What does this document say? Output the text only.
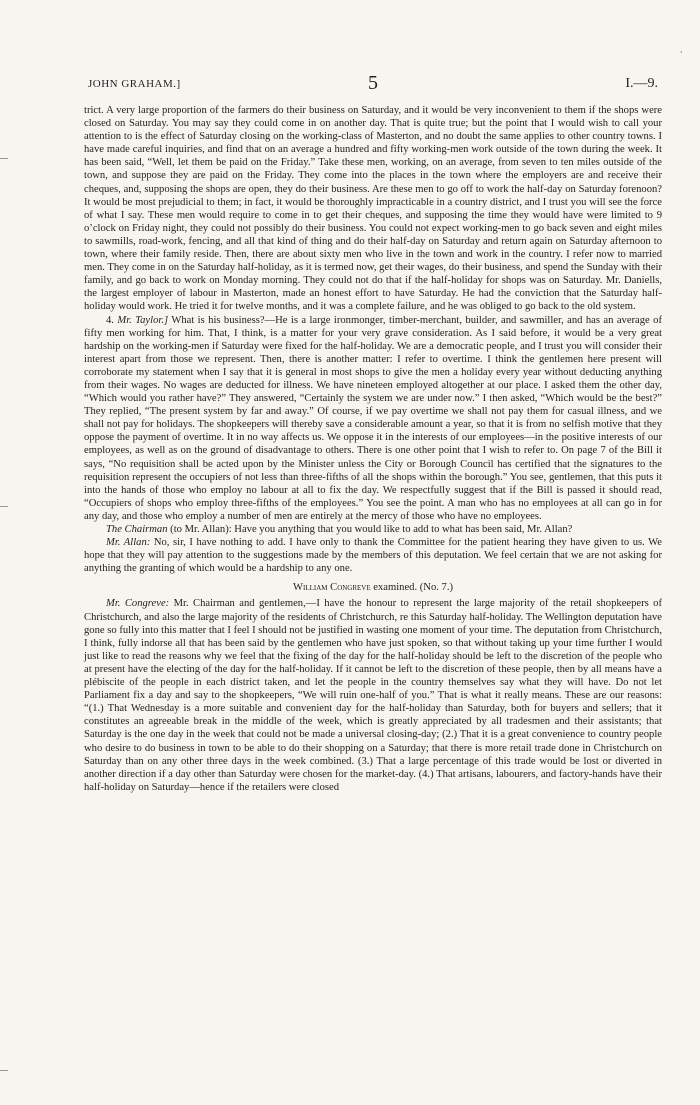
JOHN GRAHAM.]	5	I.—9.
'

trict. A very large proportion of the farmers do their business on Saturday, and it would be very inconvenient to them if the shops were closed on Saturday. You may say they could come in on another day. That is quite true; but the point that I would wish to call your attention to is the effect of Saturday closing on the working-class of Masterton, and no doubt the same applies to other country towns. I have made careful inquiries, and find that on an average a hundred and fifty working-men work outside of the town during the week. It has been said, “Well, let them be paid on the Friday.” Take these men, working, on an average, from seven to ten miles outside of the town, and suppose they are paid on the Friday. They come into the places in the town where the employers are and receive their cheques, and, supposing the shops are open, they do their business. Are these men to go off to work the half-day on Saturday forenoon? It would be most prejudicial to them; in fact, it would be thoroughly impracticable in a country district, and I trust you will see the force of what I say. These men would require to come in to get their cheques, and supposing the time they would have were limited to 9 o’clock on Friday night, they could not possibly do their business. You could not expect working-men to go back seven and eight miles to sawmills, road-work, fencing, and all that kind of thing and do their half-day on Saturday and return again on Saturday afternoon to town, where their family reside. Then, there are about sixty men who live in the town and work in the country. I refer now to married men. They come in on the Saturday half-holiday, as it is termed now, get their wages, do their business, and spend the Sunday with their family, and go back to work on Monday morning. They could not do that if the half-holiday for shops was on Saturday. Mr. Daniells, the largest employer of labour in Masterton, made an honest effort to have Saturday. He had the conviction that the Saturday half-holiday would work. He tried it for twelve months, and it was a complete failure, and he was obliged to go back to the old system.

4. Mr. Taylor.] What is his business?—He is a large ironmonger, timber-merchant, builder, and sawmiller, and has an average of fifty men working for him. That, I think, is a matter for your very grave consideration. As I said before, it would be a very great hardship on the working-men if Saturday were fixed for the half-holiday. We are a democratic people, and I trust you will consider their interest apart from those we represent. Then, there is another matter: I refer to overtime. I think the gentlemen here present will corroborate my statement when I say that it is general in most shops to give the men a holiday every year without deducting anything from their wages. No wages are deducted for illness. We have nineteen employed altogether at our place. I asked them the other day, “Which would you rather have?” They answered, “Certainly the system we are under now.” I then asked, “Which would be the best?” They replied, “The present system by far and away.” Of course, if we pay overtime we shall not pay them for casual illness, and we shall not pay for holidays. The shopkeepers will thereby save a considerable amount a year, so that it is from no selfish motive that they oppose the payment of overtime. It in no way affects us. We oppose it in the interests of our employees—in the positive interests of our employees, as well as on the ground of disadvantage to others. There is one other point that I wish to refer to. On page 7 of the Bill it says, “No requisition shall be acted upon by the Minister unless the City or Borough Council has certified that the signatures to the requisition represent the occupiers of not less than three-fifths of all the shops within the borough.” You see, gentlemen, that this puts it into the hands of those who employ no labour at all to fix the day. We respectfully suggest that if the Bill is passed it should read, “Occupiers of shops who employ three-fifths of the employees.” You see the point. A man who has no employees at all can go in for any day, and those who employ a number of men are entirely at the mercy of those who have no employees.

The Chairman (to Mr. Allan): Have you anything that you would like to add to what has been said, Mr. Allan?

Mr. Allan: No, sir, I have nothing to add. I have only to thank the Committee for the patient hearing they have given to us. We hope that they will pay attention to the suggestions made by the members of this deputation. We feel certain that we are not asking for anything the granting of which would be a hardship to any one.

William Congreve examined. (No. 7.)

Mr. Congreve: Mr. Chairman and gentlemen,—I have the honour to represent the large majority of the retail shopkeepers of Christchurch, and also the large majority of the residents of Christchurch, re this Saturday half-holiday. The Wellington deputation have gone so fully into this matter that I feel I should not be justified in wasting one moment of your time. The deputation from Christchurch, I think, fully indorse all that has been said by the gentlemen who have just spoken, so that without taking up your time further I would just like to read the reasons why we feel that the fixing of the day for the half-holiday should be left to the discretion of the people who at present have the electing of the day for the half-holiday. If it cannot be left to the discretion of these people, then by all means have a plébiscite of the people in each district taken, and let the people in the country themselves say what they will have. Do not let Parliament fix a day and say to the shopkeepers, “We will ruin one-half of you.” That is what it really means. These are our reasons: “(1.) That Wednesday is a more suitable and convenient day for the half-holiday than Saturday, both for buyers and sellers; that it constitutes an agreeable break in the middle of the week, which is greatly appreciated by all tradesmen and their assistants; that Saturday is the one day in the week that could not be made a universal closing-day; (2.) That it is a great convenience to country people who desire to do business in town to be able to do their shopping on a Saturday; that there is more retail trade done in Christchurch on Saturday than on any other three days in the week combined. (3.) That a large percentage of this trade would be lost or diverted in another direction if a day other than Saturday were chosen for the market-day. (4.) That artisans, labourers, and factory-hands have their half-holiday on Saturday—hence if the retailers were closed
